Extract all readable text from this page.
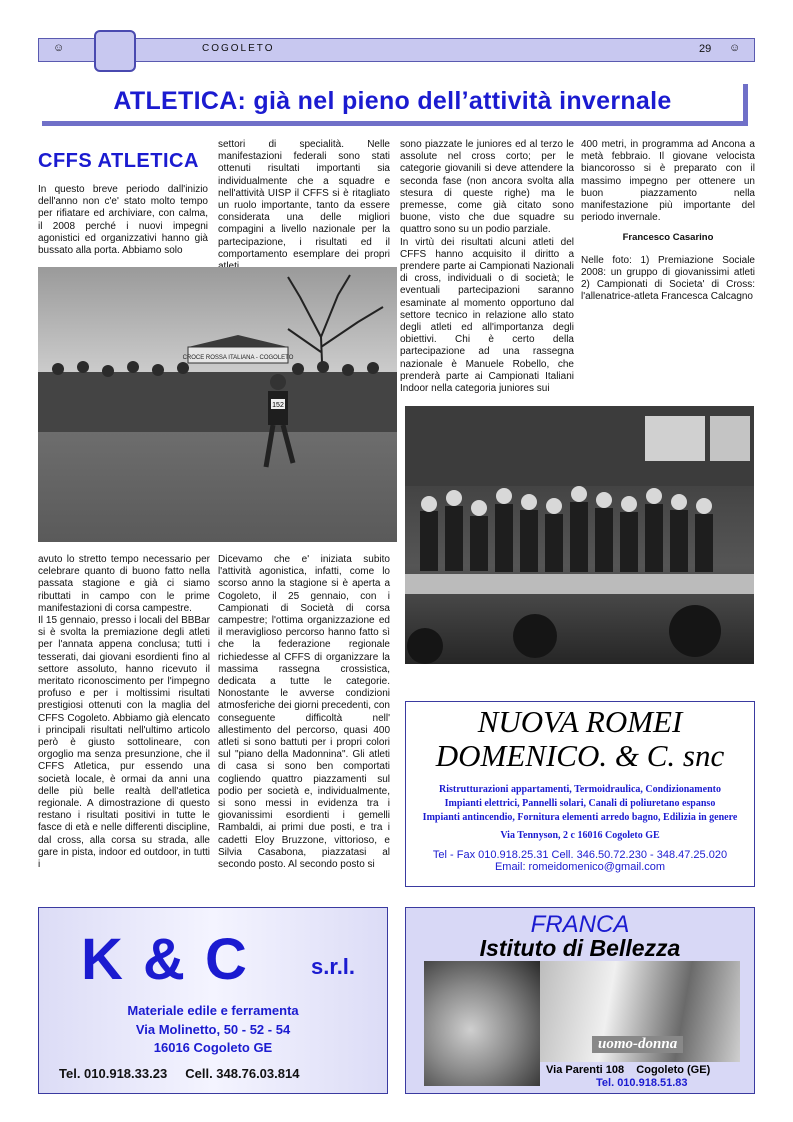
☺	COGOLETO	29 ☺
ATLETICA: già nel pieno dell’attività invernale
CFFS ATLETICA

In questo breve periodo dall'inizio dell'anno non c'e' stato molto tempo per rifiatare ed archiviare, con calma, il 2008 perché i nuovi impegni agonistici ed organizzativi hanno già bussato alla porta. Abbiamo solo

settori di specialità. Nelle manifestazioni federali sono stati ottenuti risultati importanti sia individualmente che a squadre e nell'attività UISP il CFFS si è ritagliato un ruolo importante, tanto da essere considerata una delle migliori compagini a livello nazionale per la partecipazione, i risultati ed il comportamento esemplare dei propri

CROCE ROSSA ITALIANA - COGOLETO
152

avuto lo stretto tempo necessario per celebrare quanto di buono fatto nella passata stagione e già ci siamo ributtati in campo con le prime manifestazioni di corsa campestre.

Il 15 gennaio, presso i locali del BBBar si è svolta la premiazione degli atleti per l'annata appena conclusa; tutti i tesserati, dai giovani esordienti fino al settore assoluto, hanno ricevuto il meritato riconoscimento per l'impegno profuso e per i moltissimi risultati prestigiosi ottenuti con la maglia del CFFS Cogoleto. Abbiamo già elencato i principali risultati nell'ultimo articolo però è giusto sottolineare, con orgoglio ma senza presunzione, che il CFFS Atletica, pur essendo una società locale, è ormai da anni una delle più belle realtà dell'atletica regionale. A dimostrazione di questo restano i risultati positivi in tutte le fasce di età e nelle differenti discipline, dal cross, alla corsa su strada, alle gare in pista, indoor ed outdoor, in tutti i

Dicevamo che e' iniziata subito l'attività agonistica, infatti, come lo scorso anno la stagione si è aperta a Cogoleto, il 25 gennaio, con i Campionati di Società di corsa campestre; l'ottima organizzazione ed il meraviglioso percorso hanno fatto sì che la federazione regionale richiedesse al CFFS di organizzare la massima rassegna crossistica, dedicata a tutte le categorie. Nonostante le avverse condizioni atmosferiche dei giorni precedenti, con conseguente difficoltà nell' allestimento del percorso, quasi 400 atleti si sono battuti per i propri colori sul "piano della Madonnina". Gli atleti di casa si sono ben comportati cogliendo quattro piazzamenti sul podio per società e, individualmente, si sono messi in evidenza tra i giovanissimi esordienti i gemelli Rambaldi, ai primi due posti, e tra i cadetti Eloy Bruzzone, vittorioso, e Silvia Casabona, piazzatasi al secondo posto. Al secondo posto si

sono piazzate le juniores ed al terzo le assolute nel cross corto; per le categorie giovanili si deve attendere la seconda fase (non ancora svolta alla stesura di queste righe) ma le premesse, come già citato sono buone, visto che due squadre su quattro sono su un podio parziale.

In virtù dei risultati alcuni atleti del CFFS hanno acquisito il diritto a prendere parte ai Campionati Nazionali di cross, individuali o di società; le eventuali partecipazioni saranno esaminate al momento opportuno dal settore tecnico in relazione allo stato degli atleti ed all'importanza degli obiettivi. Chi è certo della partecipazione ad una rassegna nazionale è Manuele Robello, che prenderà parte ai Campionati Italiani Indoor nella categoria juniores sui

400 metri, in programma ad Ancona a metà febbraio. Il giovane velocista biancorosso si è preparato con il massimo impegno per ottenere un buon piazzamento nella manifestazione più importante del periodo invernale.

Francesco Casarino

Nelle foto: 1) Premiazione Sociale 2008: un gruppo di giovanissimi atleti 2) Campionati di Societa' di Cross: l'allenatrice-atleta Francesca Calcagno

NUOVA ROMEI
DOMENICO. & C. snc
Ristrutturazioni appartamenti, Termoidraulica, Condizionamento
Impianti elettrici, Pannelli solari, Canali di poliuretano espanso
Impianti antincendio, Fornitura elementi arredo bagno, Edilizia in genere
Via Tennyson, 2 c 16016 Cogoleto GE
Tel - Fax 010.918.25.31 Cell. 346.50.72.230 - 348.47.25.020
Email: romeidomenico@gmail.com
K & C	s.r.l.
Materiale edile e ferramenta
Via Molinetto, 50 - 52 - 54
16016 Cogoleto GE
Tel. 010.918.33.23     Cell. 348.76.03.814
FRANCA
Istituto di Bellezza
uomo-donna
Via Parenti 108    Cogoleto (GE)
Tel. 010.918.51.83
